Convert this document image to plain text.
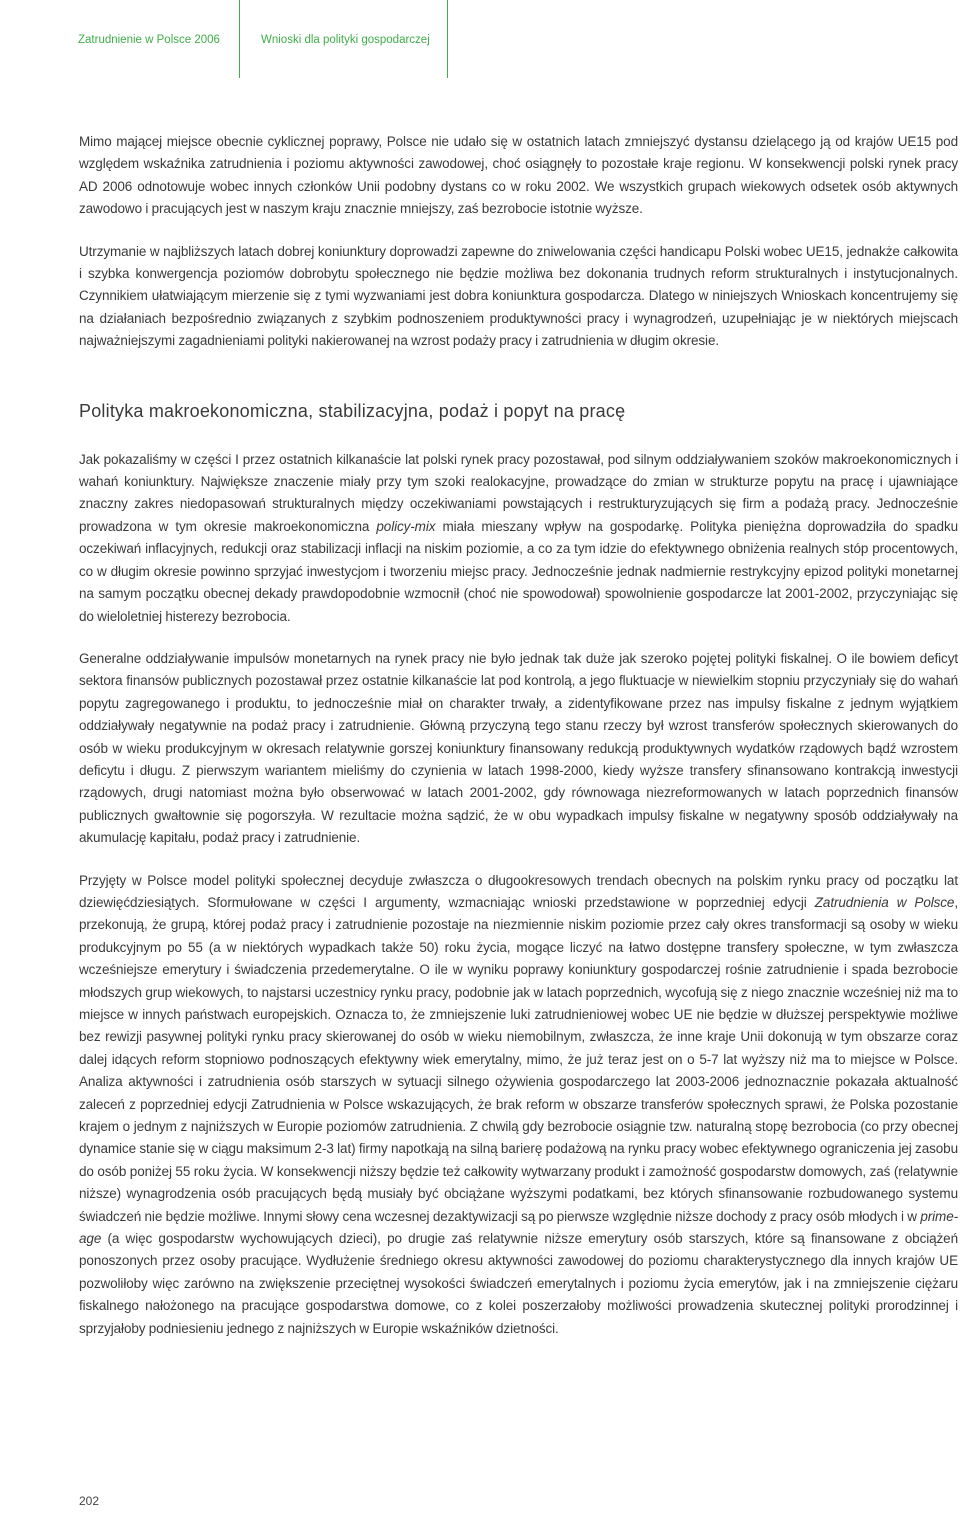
Zatrudnienie w Polsce 2006	Wnioski dla polityki gospodarczej

Mimo mającej miejsce obecnie cyklicznej poprawy, Polsce nie udało się w ostatnich latach zmniejszyć dystansu dzielącego ją od krajów UE15 pod względem wskaźnika zatrudnienia i poziomu aktywności zawodowej, choć osiągnęły to pozostałe kraje regionu. W konsekwencji polski rynek pracy AD 2006 odnotowuje wobec innych członków Unii podobny dystans co w roku 2002. We wszystkich grupach wiekowych odsetek osób aktywnych zawodowo i pracujących jest w naszym kraju znacznie mniejszy, zaś bezrobocie istotnie wyższe.

Utrzymanie w najbliższych latach dobrej koniunktury doprowadzi zapewne do zniwelowania części handicapu Polski wobec UE15, jednakże całkowita i szybka konwergencja poziomów dobrobytu społecznego nie będzie możliwa bez dokonania trudnych reform strukturalnych i instytucjonalnych. Czynnikiem ułatwiającym mierzenie się z tymi wyzwaniami jest dobra koniunktura gospodarcza. Dlatego w niniejszych Wnioskach koncentrujemy się na działaniach bezpośrednio związanych z szybkim podnoszeniem produktywności pracy i wynagrodzeń, uzupełniając je w niektórych miejscach najważniejszymi zagadnieniami polityki nakierowanej na wzrost podaży pracy i zatrudnienia w długim okresie.

Polityka makroekonomiczna, stabilizacyjna, podaż i popyt na pracę

Jak pokazaliśmy w części I przez ostatnich kilkanaście lat polski rynek pracy pozostawał, pod silnym oddziaływaniem szoków makroekonomicznych i wahań koniunktury. Największe znaczenie miały przy tym szoki realokacyjne, prowadzące do zmian w strukturze popytu na pracę i ujawniające znaczny zakres niedopasowań strukturalnych między oczekiwaniami powstających i restrukturyzujących się firm a podażą pracy. Jednocześnie prowadzona w tym okresie makroekonomiczna policy-mix miała mieszany wpływ na gospodarkę. Polityka pieniężna doprowadziła do spadku oczekiwań inflacyjnych, redukcji oraz stabilizacji inflacji na niskim poziomie, a co za tym idzie do efektywnego obniżenia realnych stóp procentowych, co w długim okresie powinno sprzyjać inwestycjom i tworzeniu miejsc pracy. Jednocześnie jednak nadmiernie restrykcyjny epizod polityki monetarnej na samym początku obecnej dekady prawdopodobnie wzmocnił (choć nie spowodował) spowolnienie gospodarcze lat 2001-2002, przyczyniając się do wieloletniej histerezy bezrobocia.

Generalne oddziaływanie impulsów monetarnych na rynek pracy nie było jednak tak duże jak szeroko pojętej polityki fiskalnej. O ile bowiem deficyt sektora finansów publicznych pozostawał przez ostatnie kilkanaście lat pod kontrolą, a jego fluktuacje w niewielkim stopniu przyczyniały się do wahań popytu zagregowanego i produktu, to jednocześnie miał on charakter trwały, a zidentyfikowane przez nas impulsy fiskalne z jednym wyjątkiem oddziaływały negatywnie na podaż pracy i zatrudnienie. Główną przyczyną tego stanu rzeczy był wzrost transferów społecznych skierowanych do osób w wieku produkcyjnym w okresach relatywnie gorszej koniunktury finansowany redukcją produktywnych wydatków rządowych bądź wzrostem deficytu i długu. Z pierwszym wariantem mieliśmy do czynienia w latach 1998-2000, kiedy wyższe transfery sfinansowano kontrakcją inwestycji rządowych, drugi natomiast można było obserwować w latach 2001-2002, gdy równowaga niezreformowanych w latach poprzednich finansów publicznych gwałtownie się pogorszyła. W rezultacie można sądzić, że w obu wypadkach impulsy fiskalne w negatywny sposób oddziaływały na akumulację kapitału, podaż pracy i zatrudnienie.

Przyjęty w Polsce model polityki społecznej decyduje zwłaszcza o długookresowych trendach obecnych na polskim rynku pracy od początku lat dziewięćdziesiątych. Sformułowane w części I argumenty, wzmacniając wnioski przedstawione w poprzedniej edycji Zatrudnienia w Polsce, przekonują, że grupą, której podaż pracy i zatrudnienie pozostaje na niezmiennie niskim poziomie przez cały okres transformacji są osoby w wieku produkcyjnym po 55 (a w niektórych wypadkach także 50) roku życia, mogące liczyć na łatwo dostępne transfery społeczne, w tym zwłaszcza wcześniejsze emerytury i świadczenia przedemerytalne. O ile w wyniku poprawy koniunktury gospodarczej rośnie zatrudnienie i spada bezrobocie młodszych grup wiekowych, to najstarsi uczestnicy rynku pracy, podobnie jak w latach poprzednich, wycofują się z niego znacznie wcześniej niż ma to miejsce w innych państwach europejskich. Oznacza to, że zmniejszenie luki zatrudnieniowej wobec UE nie będzie w dłuższej perspektywie możliwe bez rewizji pasywnej polityki rynku pracy skierowanej do osób w wieku niemobilnym, zwłaszcza, że inne kraje Unii dokonują w tym obszarze coraz dalej idących reform stopniowo podnoszących efektywny wiek emerytalny, mimo, że już teraz jest on o 5-7 lat wyższy niż ma to miejsce w Polsce. Analiza aktywności i zatrudnienia osób starszych w sytuacji silnego ożywienia gospodarczego lat 2003-2006 jednoznacznie pokazała aktualność zaleceń z poprzedniej edycji Zatrudnienia w Polsce wskazujących, że brak reform w obszarze transferów społecznych sprawi, że Polska pozostanie krajem o jednym z najniższych w Europie poziomów zatrudnienia. Z chwilą gdy bezrobocie osiągnie tzw. naturalną stopę bezrobocia (co przy obecnej dynamice stanie się w ciągu maksimum 2-3 lat) firmy napotkają na silną barierę podażową na rynku pracy wobec efektywnego ograniczenia jej zasobu do osób poniżej 55 roku życia. W konsekwencji niższy będzie też całkowity wytwarzany produkt i zamożność gospodarstw domowych, zaś (relatywnie niższe) wynagrodzenia osób pracujących będą musiały być obciążane wyższymi podatkami, bez których sfinansowanie rozbudowanego systemu świadczeń nie będzie możliwe. Innymi słowy cena wczesnej dezaktywizacji są po pierwsze względnie niższe dochody z pracy osób młodych i w prime-age (a więc gospodarstw wychowujących dzieci), po drugie zaś relatywnie niższe emerytury osób starszych, które są finansowane z obciążeń ponoszonych przez osoby pracujące. Wydłużenie średniego okresu aktywności zawodowej do poziomu charakterystycznego dla innych krajów UE pozwoliłoby więc zarówno na zwiększenie przeciętnej wysokości świadczeń emerytalnych i poziomu życia emerytów, jak i na zmniejszenie ciężaru fiskalnego nałożonego na pracujące gospodarstwa domowe, co z kolei poszerzałoby możliwości prowadzenia skutecznej polityki prorodzinnej i sprzyjałoby podniesieniu jednego z najniższych w Europie wskaźników dzietności.

202
